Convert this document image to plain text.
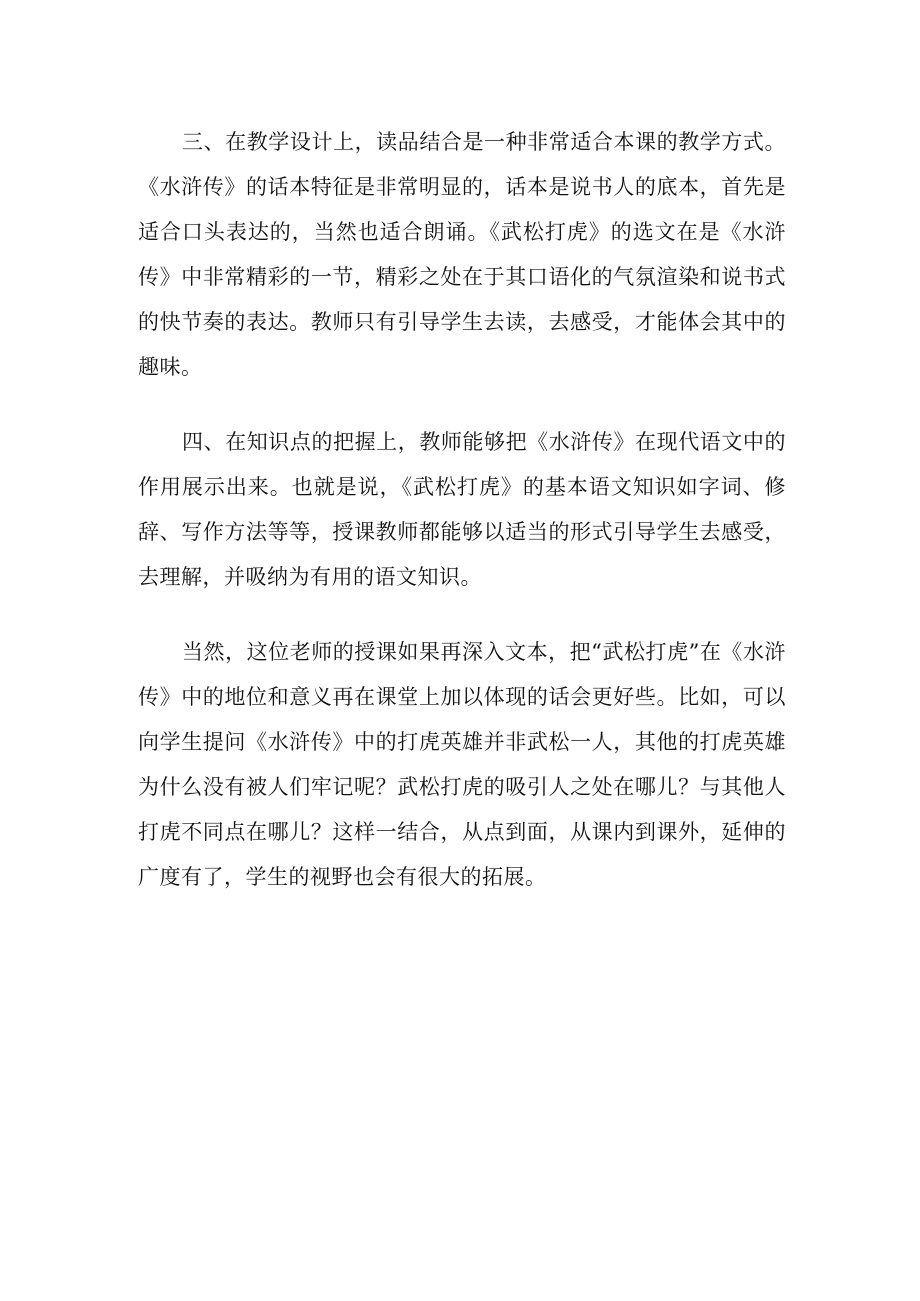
三、在教学设计上，读品结合是一种非常适合本课的教学方式。《水浒传》的话本特征是非常明显的，话本是说书人的底本，首先是适合口头表达的，当然也适合朗诵。《武松打虎》的选文在是《水浒传》中非常精彩的一节，精彩之处在于其口语化的气氛渲染和说书式的快节奏的表达。教师只有引导学生去读，去感受，才能体会其中的趣味。

四、在知识点的把握上，教师能够把《水浒传》在现代语文中的作用展示出来。也就是说，《武松打虎》的基本语文知识如字词、修辞、写作方法等等，授课教师都能够以适当的形式引导学生去感受，去理解，并吸纳为有用的语文知识。

当然，这位老师的授课如果再深入文本，把“武松打虎”在《水浒传》中的地位和意义再在课堂上加以体现的话会更好些。比如，可以向学生提问《水浒传》中的打虎英雄并非武松一人，其他的打虎英雄为什么没有被人们牢记呢？武松打虎的吸引人之处在哪儿？与其他人打虎不同点在哪儿？这样一结合，从点到面，从课内到课外，延伸的广度有了，学生的视野也会有很大的拓展。
